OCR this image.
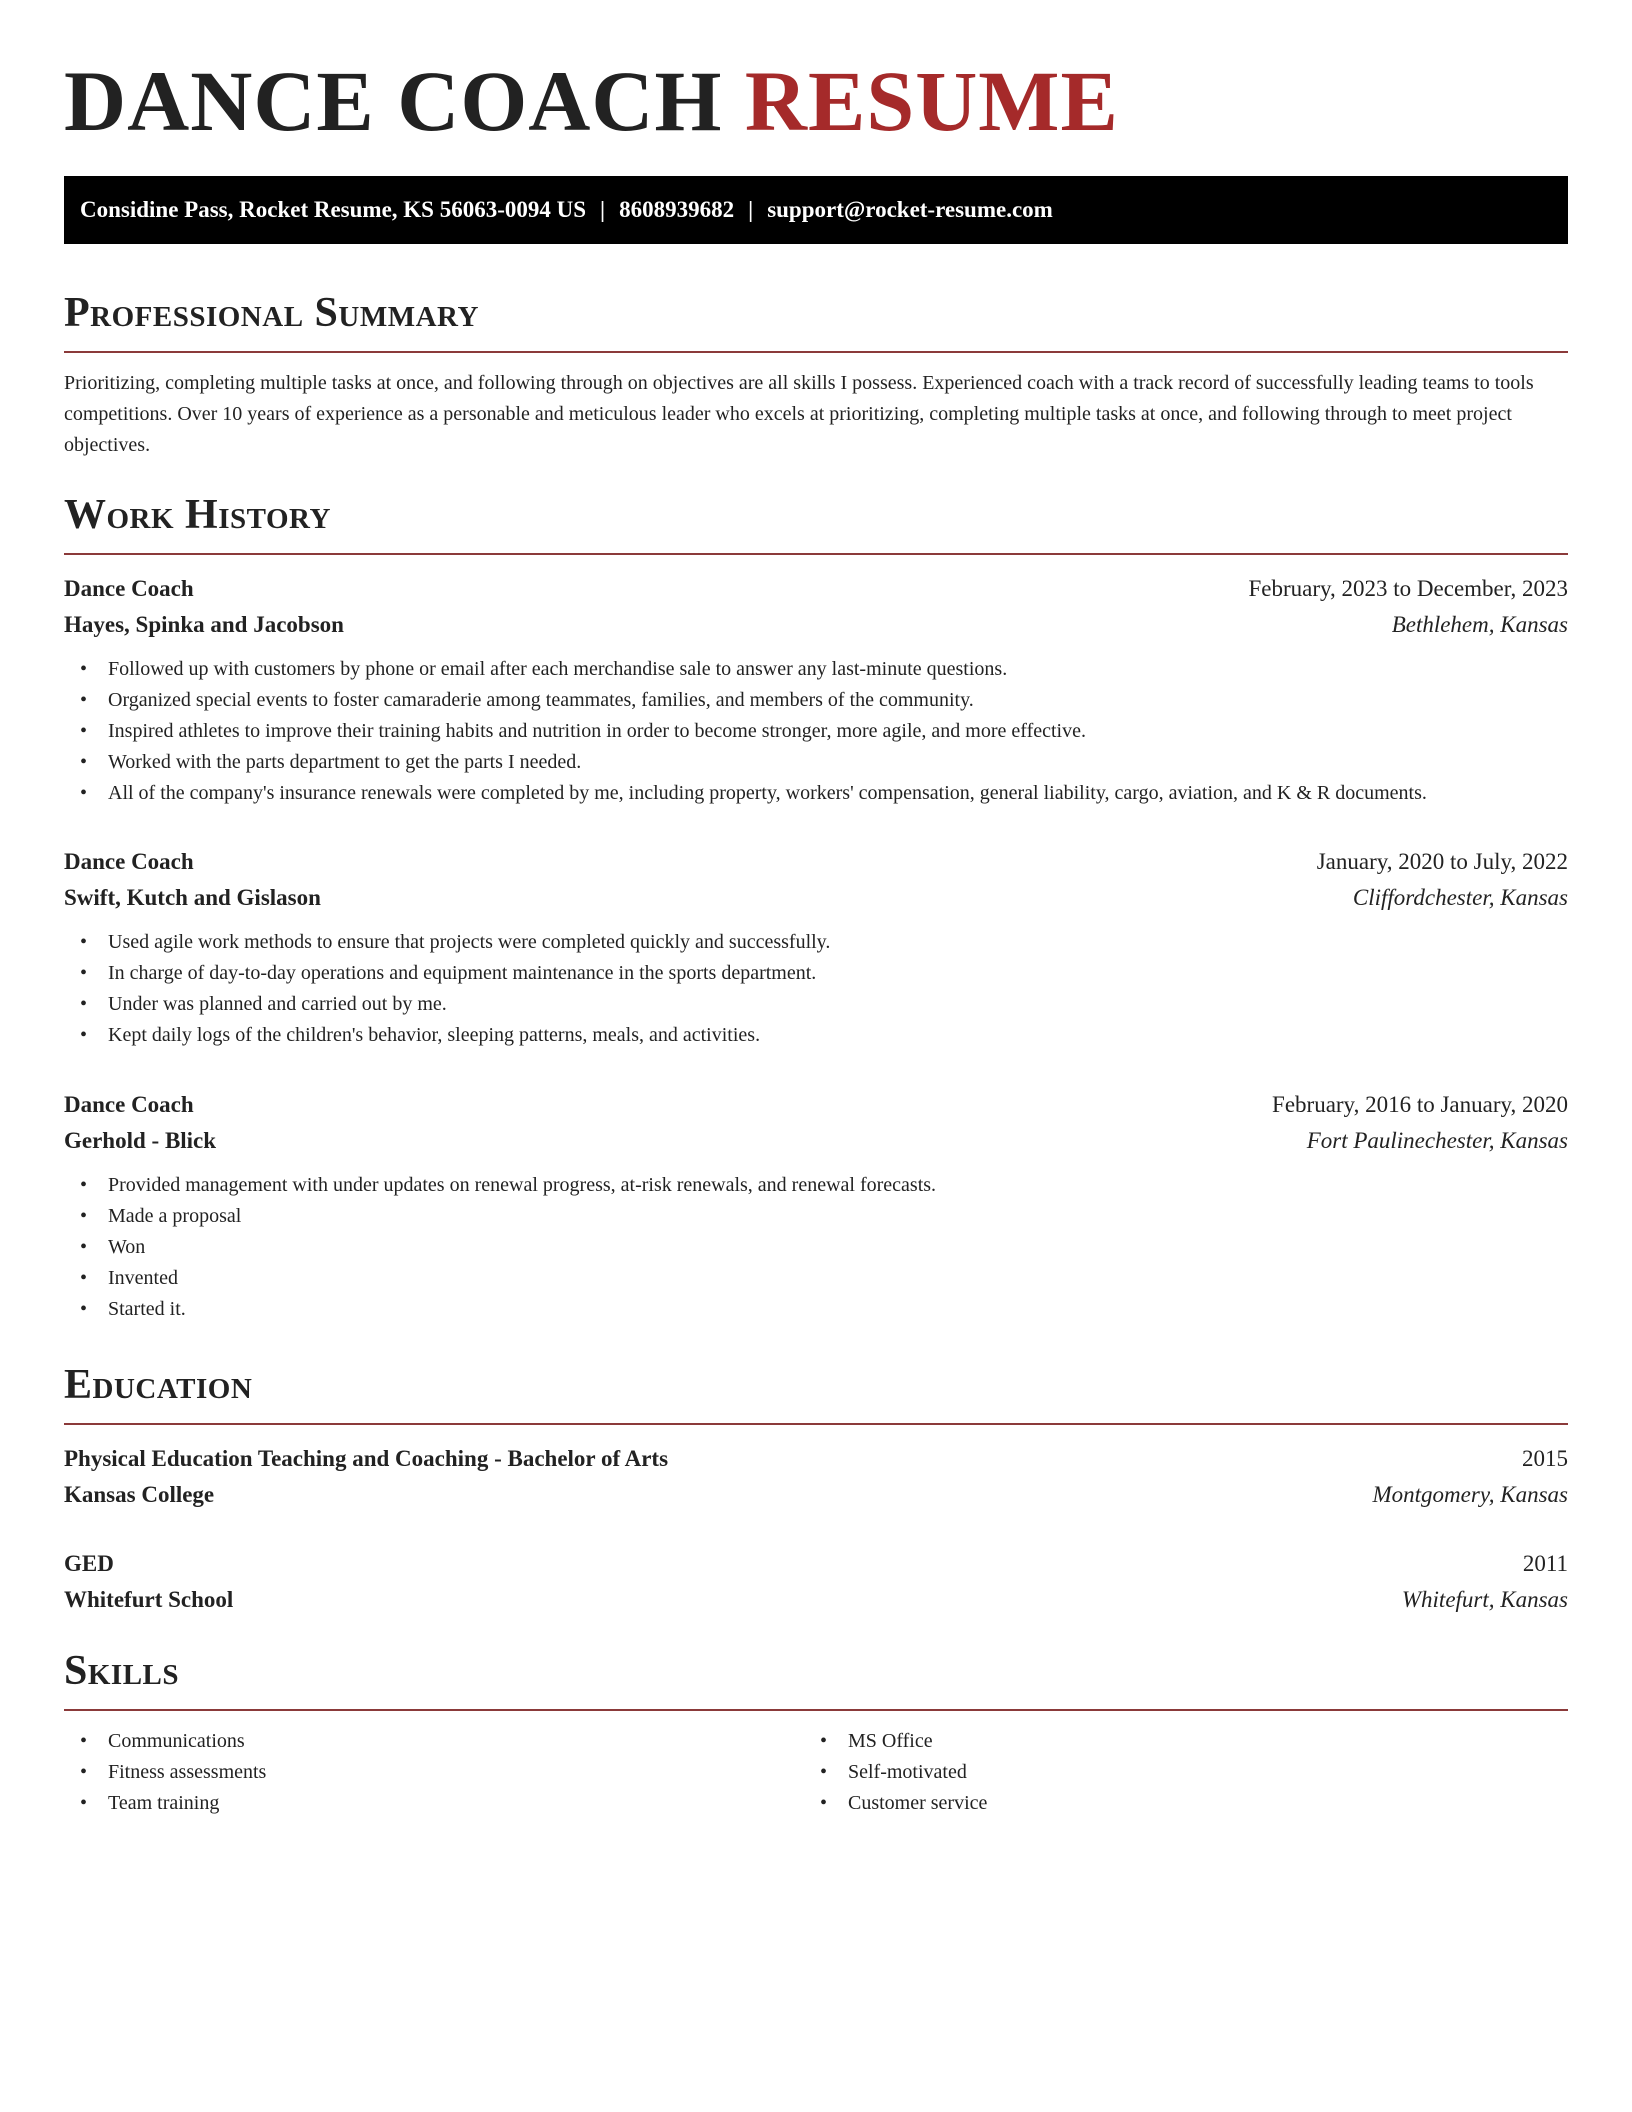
DANCE COACH RESUME
Considine Pass, Rocket Resume, KS 56063-0094 US | 8608939682 | support@rocket-resume.com
Professional Summary
Prioritizing, completing multiple tasks at once, and following through on objectives are all skills I possess. Experienced coach with a track record of successfully leading teams to tools competitions. Over 10 years of experience as a personable and meticulous leader who excels at prioritizing, completing multiple tasks at once, and following through to meet project objectives.
Work History
Dance Coach	February, 2023 to December, 2023
Hayes, Spinka and Jacobson	Bethlehem, Kansas
• Followed up with customers by phone or email after each merchandise sale to answer any last-minute questions.
• Organized special events to foster camaraderie among teammates, families, and members of the community.
• Inspired athletes to improve their training habits and nutrition in order to become stronger, more agile, and more effective.
• Worked with the parts department to get the parts I needed.
• All of the company's insurance renewals were completed by me, including property, workers' compensation, general liability, cargo, aviation, and K & R documents.
Dance Coach	January, 2020 to July, 2022
Swift, Kutch and Gislason	Cliffordchester, Kansas
• Used agile work methods to ensure that projects were completed quickly and successfully.
• In charge of day-to-day operations and equipment maintenance in the sports department.
• Under was planned and carried out by me.
• Kept daily logs of the children's behavior, sleeping patterns, meals, and activities.
Dance Coach	February, 2016 to January, 2020
Gerhold - Blick	Fort Paulinechester, Kansas
• Provided management with under updates on renewal progress, at-risk renewals, and renewal forecasts.
• Made a proposal
• Won
• Invented
• Started it.
Education
Physical Education Teaching and Coaching - Bachelor of Arts	2015
Kansas College	Montgomery, Kansas
GED	2011
Whitefurt School	Whitefurt, Kansas
Skills
• Communications
• Fitness assessments
• Team training
• MS Office
• Self-motivated
• Customer service
